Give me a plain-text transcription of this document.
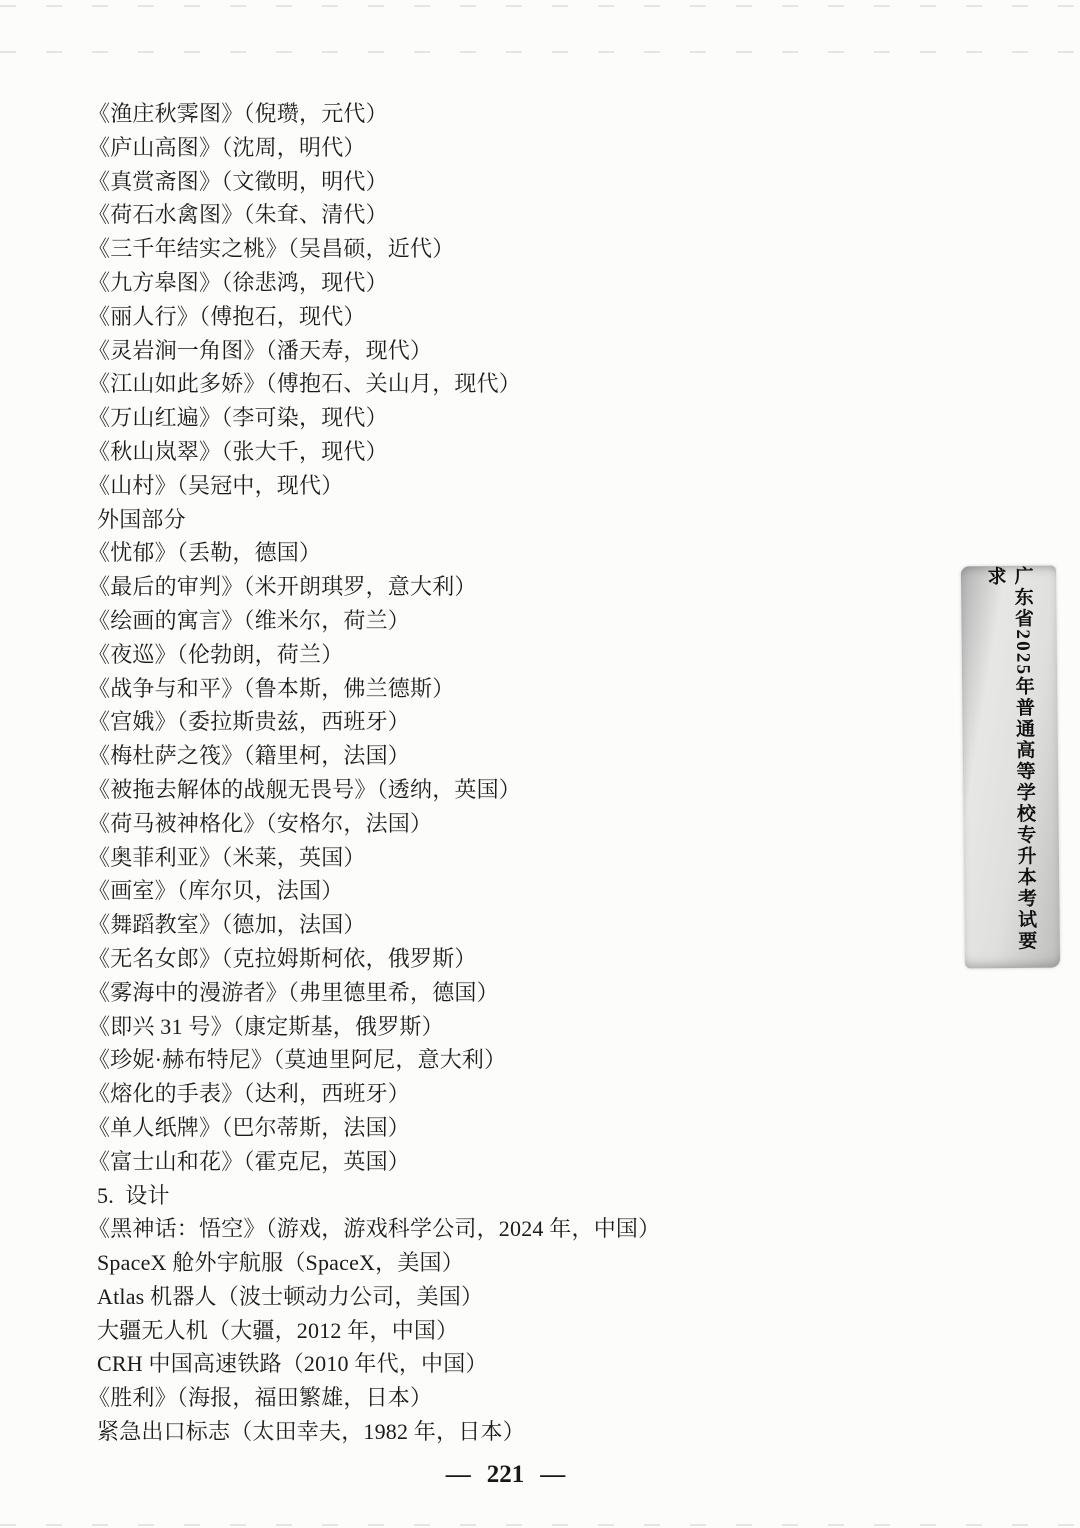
《渔庄秋霁图》（倪瓒，元代）
《庐山高图》（沈周，明代）
《真赏斋图》（文徵明，明代）
《荷石水禽图》（朱耷、清代）
《三千年结实之桃》（吴昌硕，近代）
《九方皋图》（徐悲鸿，现代）
《丽人行》（傅抱石，现代）
《灵岩涧一角图》（潘天寿，现代）
《江山如此多娇》（傅抱石、关山月，现代）
《万山红遍》（李可染，现代）
《秋山岚翠》（张大千，现代）
《山村》（吴冠中，现代）
外国部分
《忧郁》（丢勒，德国）
《最后的审判》（米开朗琪罗，意大利）
《绘画的寓言》（维米尔，荷兰）
《夜巡》（伦勃朗，荷兰）
《战争与和平》（鲁本斯，佛兰德斯）
《宫娥》（委拉斯贵兹，西班牙）
《梅杜萨之筏》（籍里柯，法国）
《被拖去解体的战舰无畏号》（透纳，英国）
《荷马被神格化》（安格尔，法国）
《奥菲利亚》（米莱，英国）
《画室》（库尔贝，法国）
《舞蹈教室》（德加，法国）
《无名女郎》（克拉姆斯柯依，俄罗斯）
《雾海中的漫游者》（弗里德里希，德国）
《即兴 31 号》（康定斯基，俄罗斯）
《珍妮·赫布特尼》（莫迪里阿尼，意大利）
《熔化的手表》（达利，西班牙）
《单人纸牌》（巴尔蒂斯，法国）
《富士山和花》（霍克尼，英国）
5.  设计
《黑神话：悟空》（游戏，游戏科学公司，2024 年，中国）
SpaceX 舱外宇航服（SpaceX，美国）
Atlas 机器人（波士顿动力公司，美国）
大疆无人机（大疆，2012 年，中国）
CRH 中国高速铁路（2010 年代，中国）
《胜利》（海报，福田繁雄，日本）
紧急出口标志（太田幸夫，1982 年，日本）
广东省2025年普通高等学校专升本考试要求
— 221 —
